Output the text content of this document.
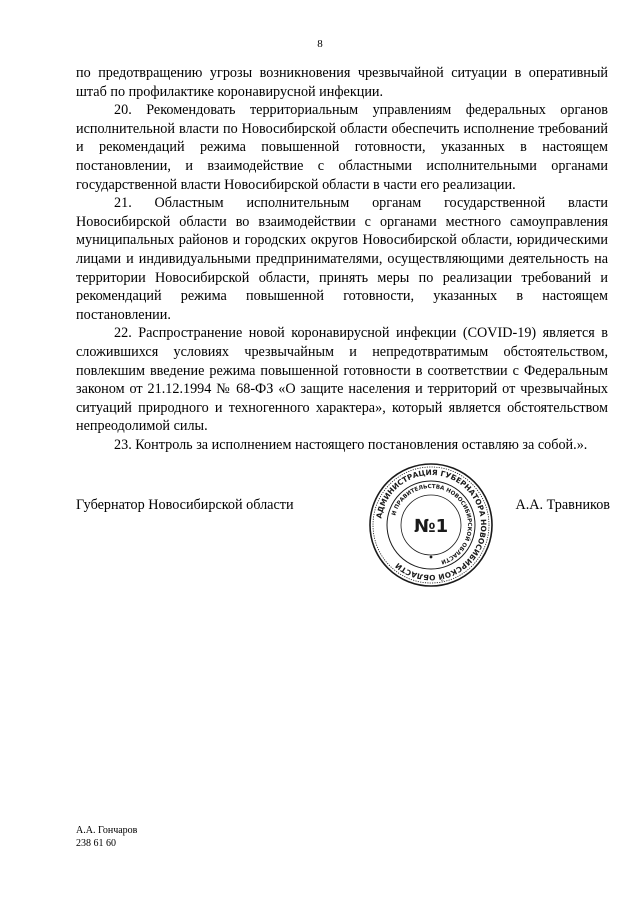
8

по предотвращению угрозы возникновения чрезвычайной ситуации в оперативный штаб по профилактике коронавирусной инфекции.

20. Рекомендовать территориальным управлениям федеральных органов исполнительной власти по Новосибирской области обеспечить исполнение требований и рекомендаций режима повышенной готовности, указанных в настоящем постановлении, и взаимодействие с областными исполнительными органами государственной власти Новосибирской области в части его реализации.

21. Областным исполнительным органам государственной власти Новосибирской области во взаимодействии с органами местного самоуправления муниципальных районов и городских округов Новосибирской области, юридическими лицами и индивидуальными предпринимателями, осуществляющими деятельность на территории Новосибирской области, принять меры по реализации требований и рекомендаций режима повышенной готовности, указанных в настоящем постановлении.

22. Распространение новой коронавирусной инфекции (COVID-19) является в сложившихся условиях чрезвычайным и непредотвратимым обстоятельством, повлекшим введение режима повышенной готовности в соответствии с Федеральным законом от 21.12.1994 № 68-ФЗ «О защите населения и территорий от чрезвычайных ситуаций природного и техногенного характера», который является обстоятельством непреодолимой силы.

23. Контроль за исполнением настоящего постановления оставляю за собой.».

Губернатор Новосибирской области	А.А. Травников
АДМИНИСТРАЦИЯ ГУБЕРНАТОРА НОВОСИБИРСКОЙ ОБЛАСТИ
И ПРАВИТЕЛЬСТВА НОВОСИБИРСКОЙ ОБЛАСТИ
№1
А.А. Гончаров
238 61 60
